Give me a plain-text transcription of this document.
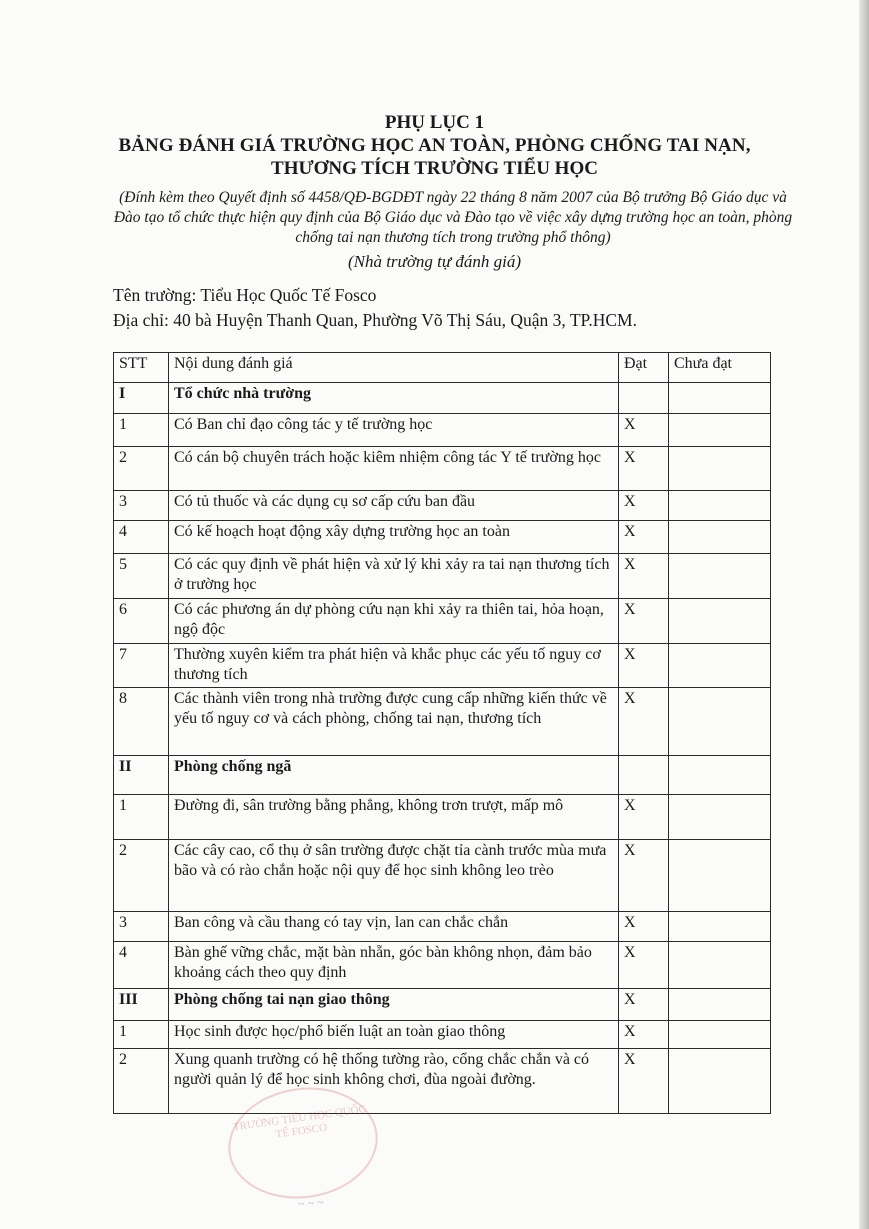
PHỤ LỤC 1
BẢNG ĐÁNH GIÁ TRƯỜNG HỌC AN TOÀN, PHÒNG CHỐNG TAI NẠN,
THƯƠNG TÍCH TRƯỜNG TIỂU HỌC
(Đính kèm theo Quyết định số 4458/QĐ-BGDĐT ngày 22 tháng 8 năm 2007 của Bộ trưởng Bộ Giáo dục và Đào tạo tổ chức thực hiện quy định của Bộ Giáo dục và Đào tạo về việc xây dựng trường học an toàn, phòng chống tai nạn thương tích trong trường phổ thông)
(Nhà trường tự đánh giá)
Tên trường: Tiểu Học Quốc Tế Fosco
Địa chỉ: 40 bà Huyện Thanh Quan, Phường Võ Thị Sáu, Quận 3, TP.HCM.
STT	Nội dung đánh giá	Đạt	Chưa đạt
I	Tổ chức nhà trường		
1	Có Ban chỉ đạo công tác y tế trường học	X	
2	Có cán bộ chuyên trách hoặc kiêm nhiệm công tác Y tế trường học	X	
3	Có tủ thuốc và các dụng cụ sơ cấp cứu ban đầu	X	
4	Có kế hoạch hoạt động xây dựng trường học an toàn	X	
5	Có các quy định về phát hiện và xử lý khi xảy ra tai nạn thương tích ở trường học	X	
6	Có các phương án dự phòng cứu nạn khi xảy ra thiên tai, hỏa hoạn, ngộ độc	X	
7	Thường xuyên kiểm tra phát hiện và khắc phục các yếu tố nguy cơ thương tích	X	
8	Các thành viên trong nhà trường được cung cấp những kiến thức về yếu tố nguy cơ và cách phòng, chống tai nạn, thương tích	X	
II	Phòng chống ngã		
1	Đường đi, sân trường bằng phẳng, không trơn trượt, mấp mô	X	
2	Các cây cao, cổ thụ ở sân trường được chặt tỉa cành trước mùa mưa bão và có rào chắn hoặc nội quy để học sinh không leo trèo	X	
3	Ban công và cầu thang có tay vịn, lan can chắc chắn	X	
4	Bàn ghế vững chắc, mặt bàn nhẵn, góc bàn không nhọn, đảm bảo khoảng cách theo quy định	X	
III	Phòng chống tai nạn giao thông	X	
1	Học sinh được học/phổ biến luật an toàn giao thông	X	
2	Xung quanh trường có hệ thống tường rào, cổng chắc chắn và có người quản lý để học sinh không chơi, đùa ngoài đường.	X	
TRƯỜNG TIỂU HỌC QUỐC TẾ FOSCO
~ ~ ~
